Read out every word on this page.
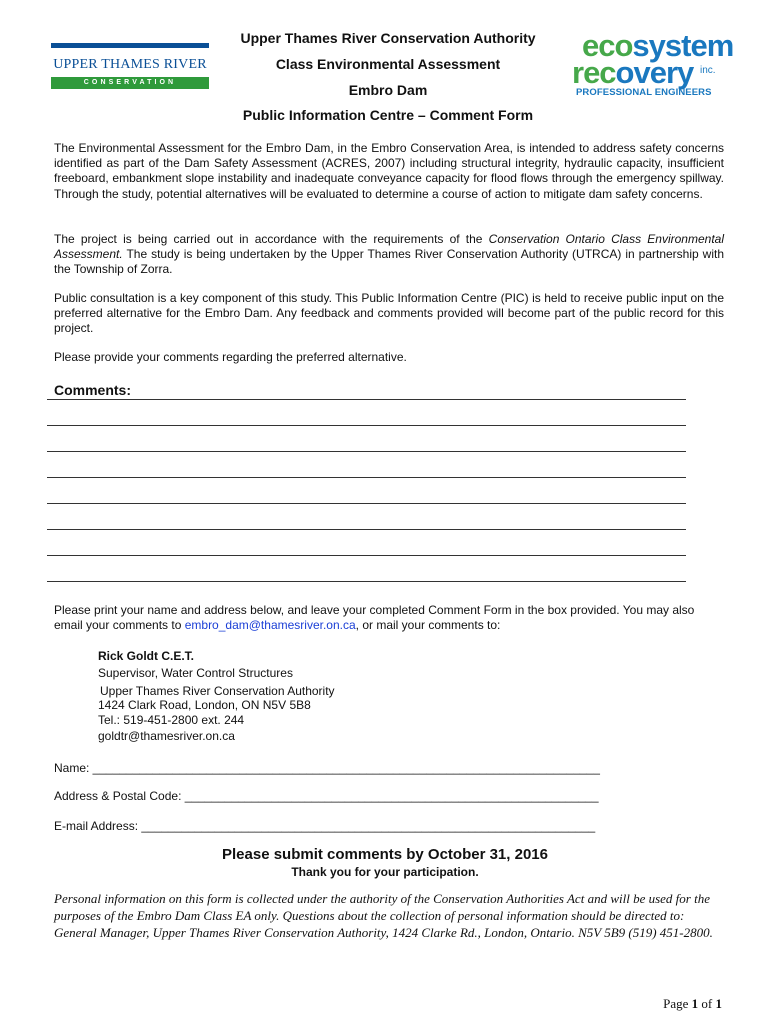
UPPER THAMES RIVER
CONSERVATION AUTHORITY
ecosystem
recovery inc.
PROFESSIONAL ENGINEERS
Upper Thames River Conservation Authority
Class Environmental Assessment
Embro Dam
Public Information Centre – Comment Form
The Environmental Assessment for the Embro Dam, in the Embro Conservation Area, is intended to address safety concerns identified as part of the Dam Safety Assessment (ACRES, 2007) including structural integrity, hydraulic capacity, insufficient freeboard, embankment slope instability and inadequate conveyance capacity for flood flows through the emergency spillway. Through the study, potential alternatives will be evaluated to determine a course of action to mitigate dam safety concerns.
The project is being carried out in accordance with the requirements of the Conservation Ontario Class Environmental Assessment. The study is being undertaken by the Upper Thames River Conservation Authority (UTRCA) in partnership with the Township of Zorra.
Public consultation is a key component of this study. This Public Information Centre (PIC) is held to receive public input on the preferred alternative for the Embro Dam. Any feedback and comments provided will become part of the public record for this project.
Please provide your comments regarding the preferred alternative.
Comments:
Please print your name and address below, and leave your completed Comment Form in the box provided. You may also email your comments to embro_dam@thamesriver.on.ca, or mail your comments to:
Rick Goldt C.E.T.
Supervisor, Water Control Structures
Upper Thames River Conservation Authority
1424 Clark Road, London, ON N5V 5B8
Tel.: 519-451-2800 ext. 244
goldtr@thamesriver.on.ca
Name: ____________________________________________________________________________
Address & Postal Code: ______________________________________________________________
E-mail Address: ____________________________________________________________________
Please submit comments by October 31, 2016
Thank you for your participation.
Personal information on this form is collected under the authority of the Conservation Authorities Act and will be used for the purposes of the Embro Dam Class EA only. Questions about the collection of personal information should be directed to: General Manager, Upper Thames River Conservation Authority, 1424 Clarke Rd., London, Ontario. N5V 5B9 (519) 451-2800.
Page 1 of 1
